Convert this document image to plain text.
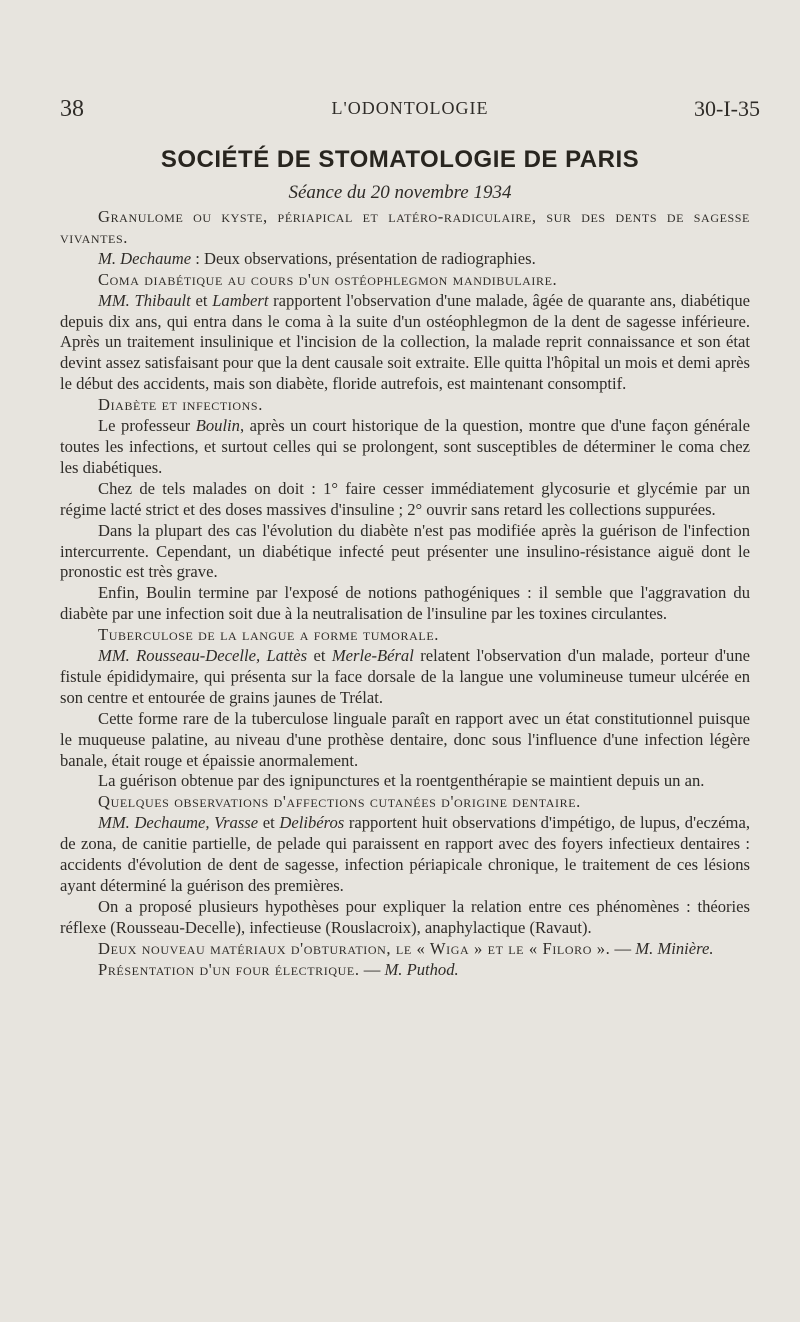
38	L'ODONTOLOGIE	30-I-35
SOCIÉTÉ DE STOMATOLOGIE DE PARIS
Séance du 20 novembre 1934

Granulome ou kyste, périapical et latéro-radiculaire, sur des dents de sagesse vivantes.

M. Dechaume : Deux observations, présentation de radiographies.

Coma diabétique au cours d'un ostéophlegmon mandibulaire.

MM. Thibault et Lambert rapportent l'observation d'une malade, âgée de quarante ans, diabétique depuis dix ans, qui entra dans le coma à la suite d'un ostéophlegmon de la dent de sagesse inférieure. Après un traitement insulinique et l'incision de la collection, la malade reprit connaissance et son état devint assez satisfaisant pour que la dent causale soit extraite. Elle quitta l'hôpital un mois et demi après le début des accidents, mais son diabète, floride autrefois, est maintenant consomptif.

Diabète et infections.

Le professeur Boulin, après un court historique de la question, montre que d'une façon générale toutes les infections, et surtout celles qui se prolongent, sont susceptibles de déterminer le coma chez les diabétiques.

Chez de tels malades on doit : 1° faire cesser immédiatement glycosurie et glycémie par un régime lacté strict et des doses massives d'insuline ; 2° ouvrir sans retard les collections suppurées.

Dans la plupart des cas l'évolution du diabète n'est pas modifiée après la guérison de l'infection intercurrente. Cependant, un diabétique infecté peut présenter une insulino-résistance aiguë dont le pronostic est très grave.

Enfin, Boulin termine par l'exposé de notions pathogéniques : il semble que l'aggravation du diabète par une infection soit due à la neutralisation de l'insuline par les toxines circulantes.

Tuberculose de la langue a forme tumorale.

MM. Rousseau-Decelle, Lattès et Merle-Béral relatent l'observation d'un malade, porteur d'une fistule épididymaire, qui présenta sur la face dorsale de la langue une volumineuse tumeur ulcérée en son centre et entourée de grains jaunes de Trélat.

Cette forme rare de la tuberculose linguale paraît en rapport avec un état constitutionnel puisque le muqueuse palatine, au niveau d'une prothèse dentaire, donc sous l'influence d'une infection légère banale, était rouge et épaissie anormalement.

La guérison obtenue par des ignipunctures et la roentgenthérapie se maintient depuis un an.

Quelques observations d'affections cutanées d'origine dentaire.

MM. Dechaume, Vrasse et Delibéros rapportent huit observations d'impétigo, de lupus, d'eczéma, de zona, de canitie partielle, de pelade qui paraissent en rapport avec des foyers infectieux dentaires : accidents d'évolution de dent de sagesse, infection périapicale chronique, le traitement de ces lésions ayant déterminé la guérison des premières.

On a proposé plusieurs hypothèses pour expliquer la relation entre ces phénomènes : théories réflexe (Rousseau-Decelle), infectieuse (Rouslacroix), anaphylactique (Ravaut).

Deux nouveau matériaux d'obturation, le « Wiga » et le « Filoro ». — M. Minière.

Présentation d'un four électrique. — M. Puthod.
